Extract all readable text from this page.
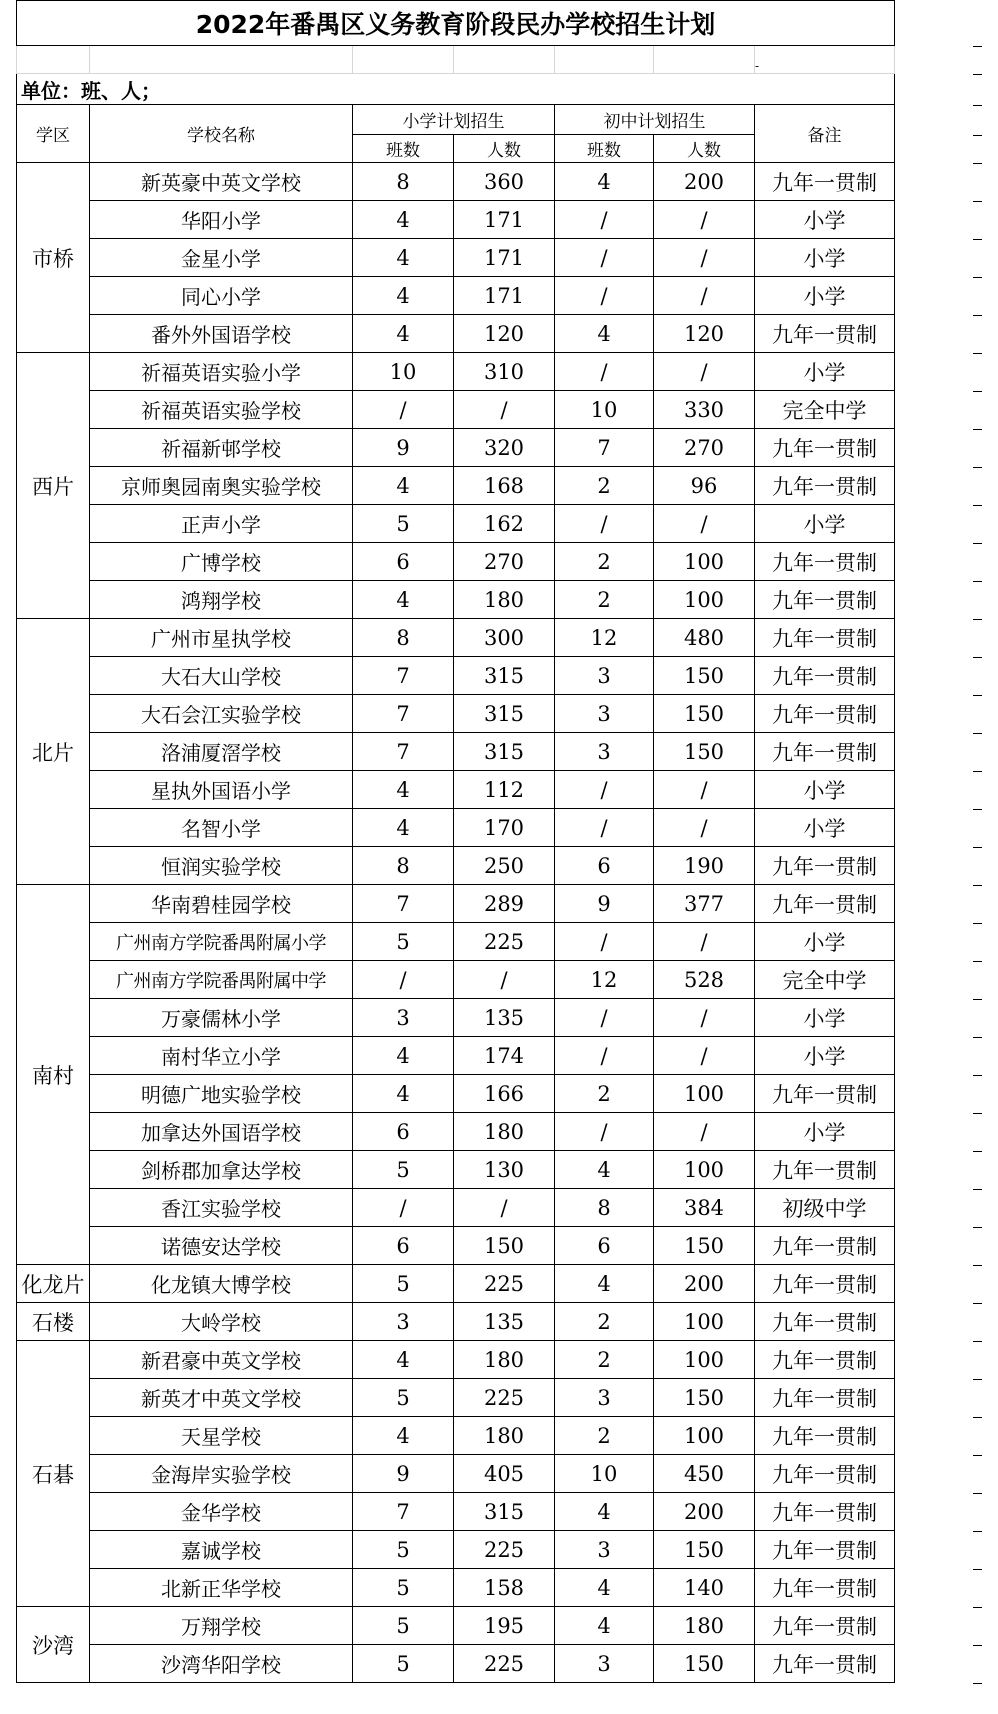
2022年番禺区义务教育阶段民办学校招生计划						
						-
单位：班、人；						
学区	学校名称	小学计划招生		初中计划招生		备注
		班数	人数	班数	人数	
市桥	新英豪中英文学校	8	360	4	200	九年一贯制
	华阳小学	4	171	/	/	小学
	金星小学	4	171	/	/	小学
	同心小学	4	171	/	/	小学
	番外外国语学校	4	120	4	120	九年一贯制
西片	祈福英语实验小学	10	310	/	/	小学
	祈福英语实验学校	/	/	10	330	完全中学
	祈福新邨学校	9	320	7	270	九年一贯制
	京师奥园南奥实验学校	4	168	2	96	九年一贯制
	正声小学	5	162	/	/	小学
	广博学校	6	270	2	100	九年一贯制
	鸿翔学校	4	180	2	100	九年一贯制
北片	广州市星执学校	8	300	12	480	九年一贯制
	大石大山学校	7	315	3	150	九年一贯制
	大石会江实验学校	7	315	3	150	九年一贯制
	洛浦厦滘学校	7	315	3	150	九年一贯制
	星执外国语小学	4	112	/	/	小学
	名智小学	4	170	/	/	小学
	恒润实验学校	8	250	6	190	九年一贯制
南村	华南碧桂园学校	7	289	9	377	九年一贯制
	广州南方学院番禺附属小学	5	225	/	/	小学
	广州南方学院番禺附属中学	/	/	12	528	完全中学
	万豪儒林小学	3	135	/	/	小学
	南村华立小学	4	174	/	/	小学
	明德广地实验学校	4	166	2	100	九年一贯制
	加拿达外国语学校	6	180	/	/	小学
	剑桥郡加拿达学校	5	130	4	100	九年一贯制
	香江实验学校	/	/	8	384	初级中学
	诺德安达学校	6	150	6	150	九年一贯制
化龙片	化龙镇大博学校	5	225	4	200	九年一贯制
石楼	大岭学校	3	135	2	100	九年一贯制
石碁	新君豪中英文学校	4	180	2	100	九年一贯制
	新英才中英文学校	5	225	3	150	九年一贯制
	天星学校	4	180	2	100	九年一贯制
	金海岸实验学校	9	405	10	450	九年一贯制
	金华学校	7	315	4	200	九年一贯制
	嘉诚学校	5	225	3	150	九年一贯制
	北新正华学校	5	158	4	140	九年一贯制
沙湾	万翔学校	5	195	4	180	九年一贯制
	沙湾华阳学校	5	225	3	150	九年一贯制
